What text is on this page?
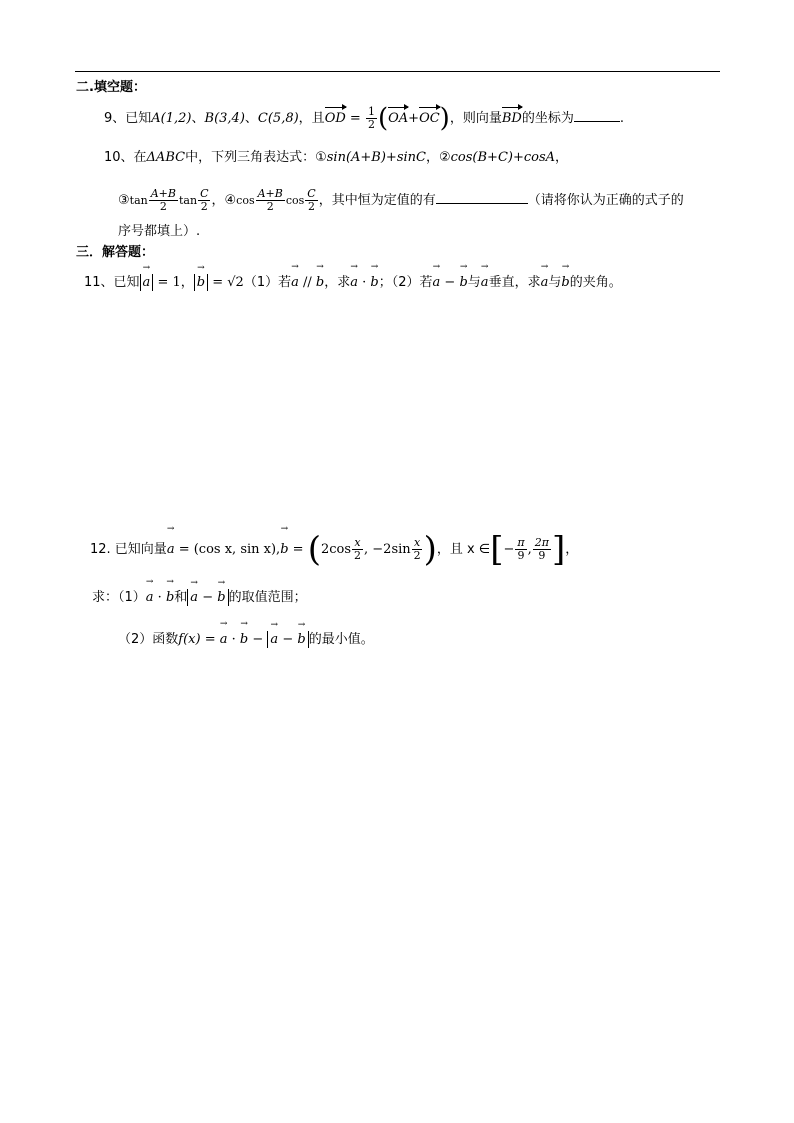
二.填空题：
9、已知A(1,2)、B(3,4)、C(5,8)，且OD = $\frac{1}{2} (OA+OC)$，则向量BD的坐标为	.
10、在ΔABC中，下列三角表达式：①sin(A+B)+sinC，②cos(B+C)+cosA，
③tan $\frac{A+B}{2}$ $\tan \frac{C}{2}$ ，④cos $\frac{A+B}{2}$ $\cos \frac{C}{2}$ ，其中恒为定值的有	（请将你认为正确的式子的
序号都填上）.
三．解答题：
11、已知 → a = 1， → b = √2（1）若→ a // → b，求→ a · → b；（2）若→ a − → b与→ a垂直，求→ a与→ b的夹角。
12. 已知向量→ a = (cos x, $\sin x),\to b = (2\cos \frac{x}{2}$ , $-2\sin \frac{x}{2}$ )，且 x ∈[− $\frac{\pi}{9}$ , $\frac{2\pi}{9}$ ]，
求：（1）→ a · → b和 → a − → b 的取值范围；
（2）函数f(x) = → a · → b − → a − → b 的最小值。
